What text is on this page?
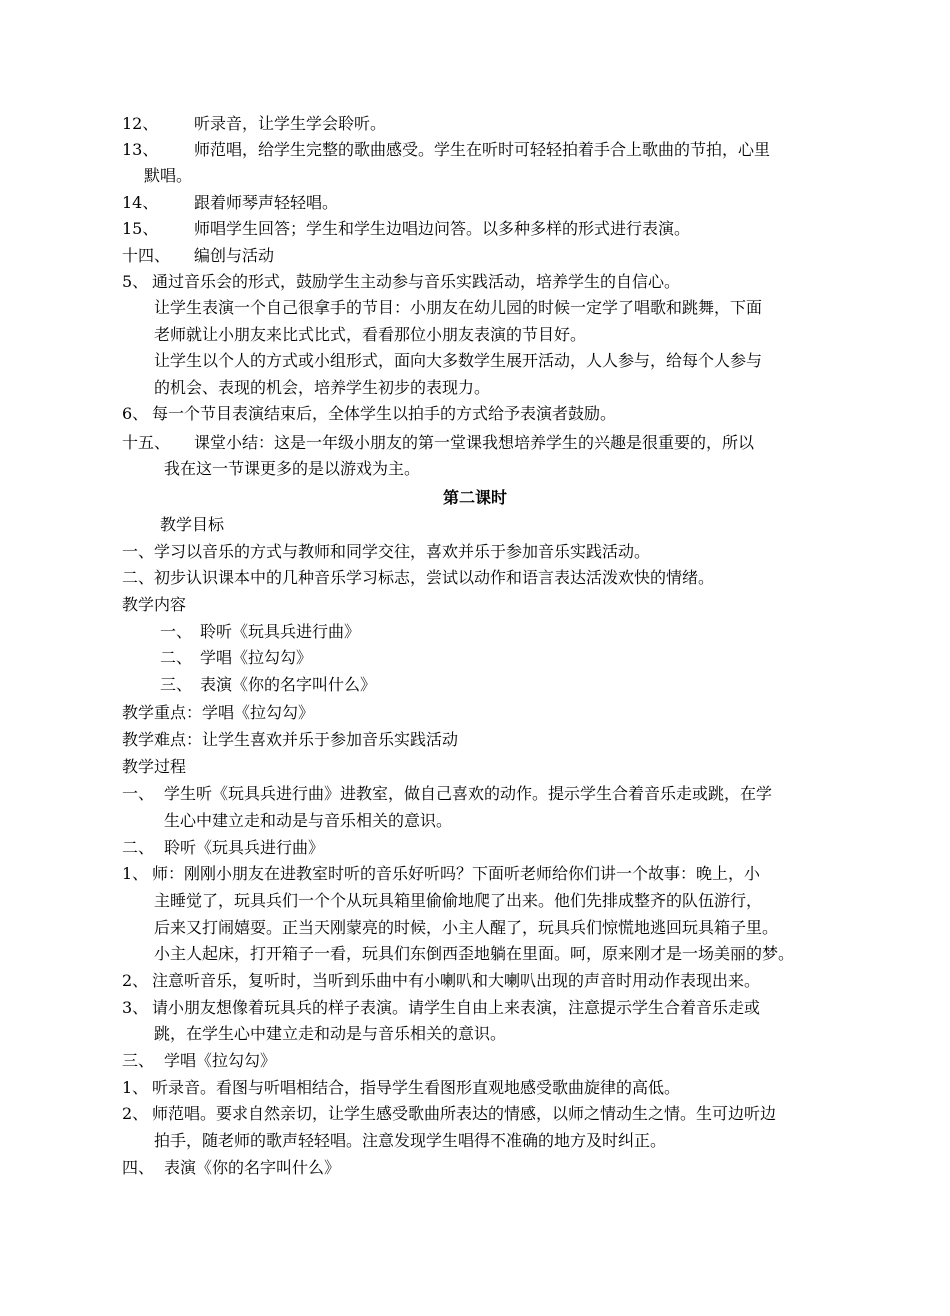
12、 听录音，让学生学会聆听。
13、 师范唱，给学生完整的歌曲感受。学生在听时可轻轻拍着手合上歌曲的节拍，心里
默唱。
14、 跟着师琴声轻轻唱。
15、 师唱学生回答；学生和学生边唱边问答。以多种多样的形式进行表演。
十四、 编创与活动
5、 通过音乐会的形式，鼓励学生主动参与音乐实践活动，培养学生的自信心。
让学生表演一个自己很拿手的节目：小朋友在幼儿园的时候一定学了唱歌和跳舞，下面
老师就让小朋友来比式比式，看看那位小朋友表演的节目好。
让学生以个人的方式或小组形式，面向大多数学生展开活动，人人参与，给每个人参与
的机会、表现的机会，培养学生初步的表现力。
6、 每一个节目表演结束后，全体学生以拍手的方式给予表演者鼓励。
十五、 课堂小结：这是一年级小朋友的第一堂课我想培养学生的兴趣是很重要的，所以
我在这一节课更多的是以游戏为主。
第二课时
教学目标
一、学习以音乐的方式与教师和同学交往，喜欢并乐于参加音乐实践活动。
二、初步认识课本中的几种音乐学习标志，尝试以动作和语言表达活泼欢快的情绪。
教学内容
一、 聆听《玩具兵进行曲》
二、 学唱《拉勾勾》
三、 表演《你的名字叫什么》
教学重点：学唱《拉勾勾》
教学难点：让学生喜欢并乐于参加音乐实践活动
教学过程
一、 学生听《玩具兵进行曲》进教室，做自己喜欢的动作。提示学生合着音乐走或跳，在学
生心中建立走和动是与音乐相关的意识。
二、 聆听《玩具兵进行曲》
1、 师：刚刚小朋友在进教室时听的音乐好听吗？下面听老师给你们讲一个故事：晚上，小
主睡觉了，玩具兵们一个个从玩具箱里偷偷地爬了出来。他们先排成整齐的队伍游行，
后来又打闹嬉耍。正当天刚蒙亮的时候，小主人醒了，玩具兵们惊慌地逃回玩具箱子里。
小主人起床，打开箱子一看，玩具们东倒西歪地躺在里面。呵，原来刚才是一场美丽的梦。
2、 注意听音乐，复听时，当听到乐曲中有小喇叭和大喇叭出现的声音时用动作表现出来。
3、 请小朋友想像着玩具兵的样子表演。请学生自由上来表演，注意提示学生合着音乐走或
跳，在学生心中建立走和动是与音乐相关的意识。
三、 学唱《拉勾勾》
1、 听录音。看图与听唱相结合，指导学生看图形直观地感受歌曲旋律的高低。
2、 师范唱。要求自然亲切，让学生感受歌曲所表达的情感，以师之情动生之情。生可边听边
拍手，随老师的歌声轻轻唱。注意发现学生唱得不准确的地方及时纠正。
四、 表演《你的名字叫什么》
